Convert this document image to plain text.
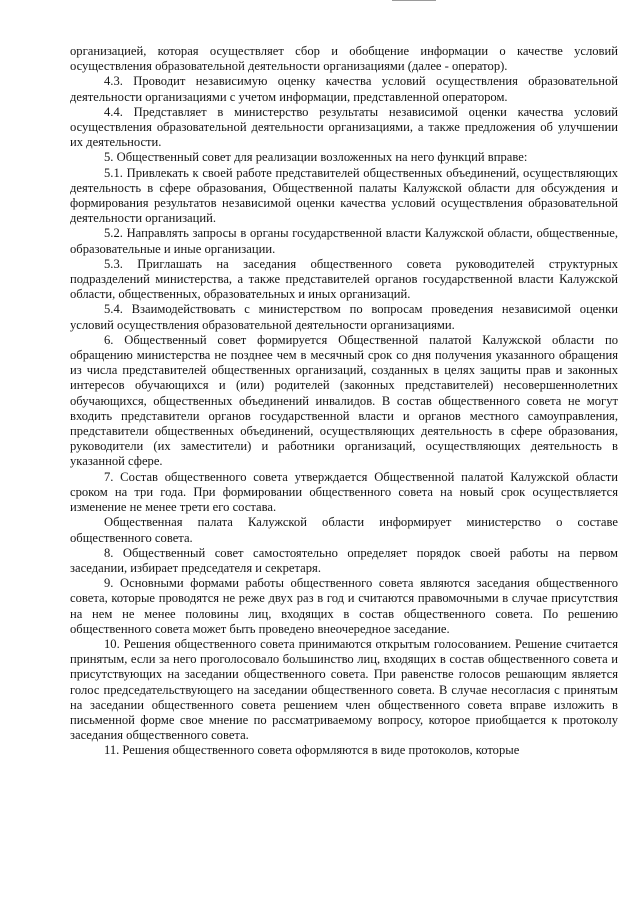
организацией, которая осуществляет сбор и обобщение информации о качестве условий осуществления образовательной деятельности организациями (далее - оператор).

4.3. Проводит независимую оценку качества условий осуществления образовательной деятельности организациями с учетом информации, представленной оператором.

4.4. Представляет в министерство результаты независимой оценки качества условий осуществления образовательной деятельности организациями, а также предложения об улучшении их деятельности.

5. Общественный совет для реализации возложенных на него функций вправе:

5.1. Привлекать к своей работе представителей общественных объединений, осуществляющих деятельность в сфере образования, Общественной палаты Калужской области для обсуждения и формирования результатов независимой оценки качества условий осуществления образовательной деятельности организаций.

5.2. Направлять запросы в органы государственной власти Калужской области, общественные, образовательные и иные организации.

5.3. Приглашать на заседания общественного совета руководителей структурных подразделений министерства, а также представителей органов государственной власти Калужской области, общественных, образовательных и иных организаций.

5.4. Взаимодействовать с министерством по вопросам проведения независимой оценки условий осуществления образовательной деятельности организациями.

6. Общественный совет формируется Общественной палатой Калужской области по обращению министерства не позднее чем в месячный срок со дня получения указанного обращения из числа представителей общественных организаций, созданных в целях защиты прав и законных интересов обучающихся и (или) родителей (законных представителей) несовершеннолетних обучающихся, общественных объединений инвалидов. В состав общественного совета не могут входить представители органов государственной власти и органов местного самоуправления, представители общественных объединений, осуществляющих деятельность в сфере образования, руководители (их заместители) и работники организаций, осуществляющих деятельность в указанной сфере.

7. Состав общественного совета утверждается Общественной палатой Калужской области сроком на три года. При формировании общественного совета на новый срок осуществляется изменение не менее трети его состава.

Общественная палата Калужской области информирует министерство о составе общественного совета.

8. Общественный совет самостоятельно определяет порядок своей работы на первом заседании, избирает председателя и секретаря.

9. Основными формами работы общественного совета являются заседания общественного совета, которые проводятся не реже двух раз в год и считаются правомочными в случае присутствия на нем не менее половины лиц, входящих в состав общественного совета. По решению общественного совета может быть проведено внеочередное заседание.

10. Решения общественного совета принимаются открытым голосованием. Решение считается принятым, если за него проголосовало большинство лиц, входящих в состав общественного совета и присутствующих на заседании общественного совета. При равенстве голосов решающим является голос председательствующего на заседании общественного совета. В случае несогласия с принятым на заседании общественного совета решением член общественного совета вправе изложить в письменной форме свое мнение по рассматриваемому вопросу, которое приобщается к протоколу заседания общественного совета.

11. Решения общественного совета оформляются в виде протоколов, которые
